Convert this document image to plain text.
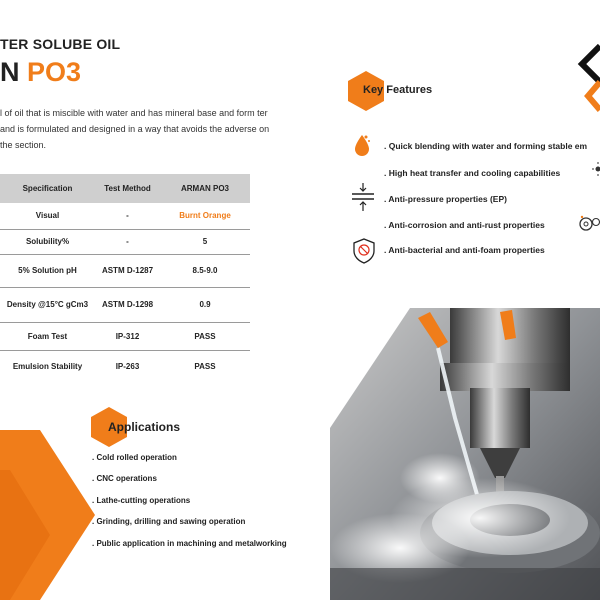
TER SOLUBE OIL
N PO3
l of oil that is miscible with water and has mineral base and form ter and is formulated and designed in a way that avoids the adverse on the section.
Specification	Test Method	ARMAN PO3
Visual	-	Burnt Orange
Solubility%	-	5
5% Solution pH	ASTM D-1287	8.5-9.0
Density @15°C gCm3	ASTM D-1298	0.9
Foam Test	IP-312	PASS
Emulsion Stability	IP-263	PASS
Applications
. Cold rolled operation
. CNC operations
. Lathe-cutting operations
. Grinding, drilling and sawing operation
. Public application in machining and metalworking
Key Features
. Quick blending with water and forming stable em
. High heat transfer and cooling capabilities
. Anti-pressure properties (EP)
. Anti-corrosion and anti-rust properties
. Anti-bacterial and anti-foam properties
